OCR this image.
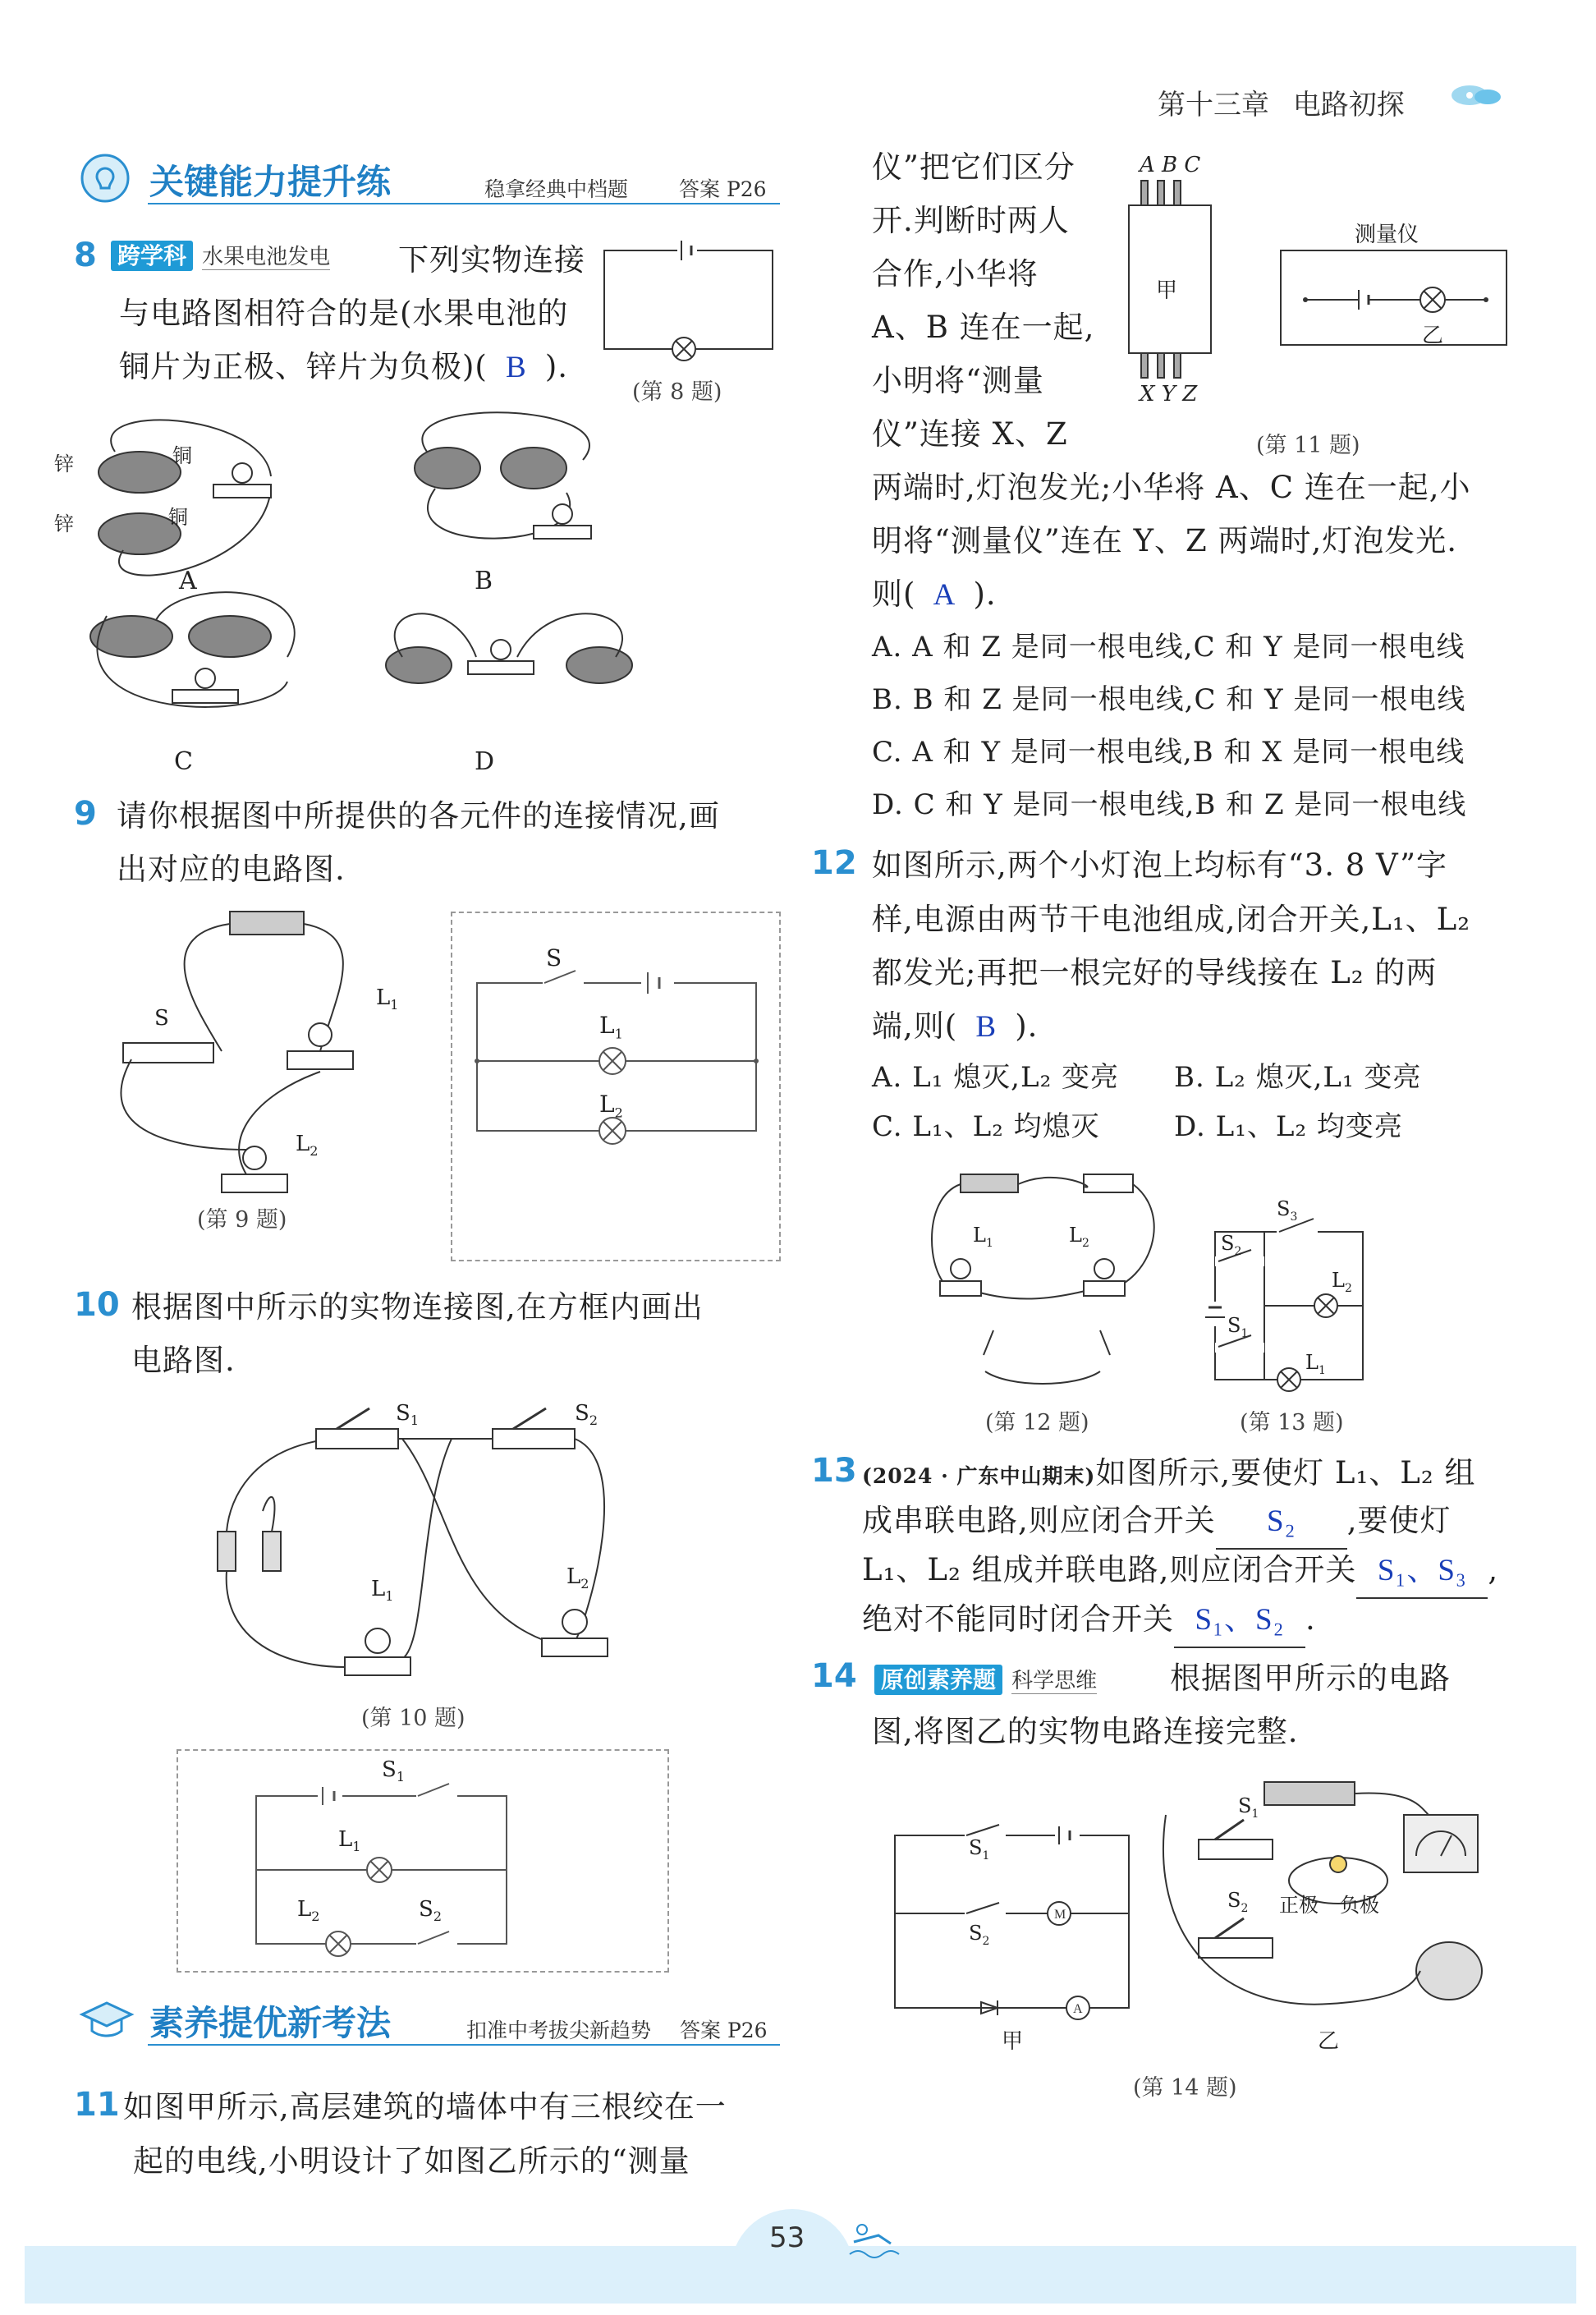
第十三章 电路初探
关键能力提升练	稳拿经典中档题 答案 P26
8 跨学科 水果电池发电 下列实物连接
与电路图相符合的是(水果电池的
铜片为正极、锌片为负极)( B ).
(第 8 题)
锌	铜
锌	铜
A	B
C	D
9 请你根据图中所提供的各元件的连接情况,画
出对应的电路图.
S
$L_1$
$L_2$
(第 9 题)
S
$L_1$
$L_2$
10 根据图中所示的实物连接图,在方框内画出
电路图.
$S_1$	$S_2$
$L_1$
$L_2$
(第 10 题)
$S_1$
$L_1$
$L_2$	$S_2$
素养提优新考法	扣准中考拔尖新趋势 答案 P26
11 如图甲所示,高层建筑的墙体中有三根绞在一
起的电线,小明设计了如图乙所示的“测量
仪”把它们区分
开.判断时两人
合作,小华将
A、B 连在一起,
小明将“测量
仪”连接 X、Z
A B C
甲
X Y Z
测量仪
乙
(第 11 题)
两端时,灯泡发光;小华将 A、C 连在一起,小
明将“测量仪”连在 Y、Z 两端时,灯泡发光.
则( A ).
A. A 和 Z 是同一根电线,C 和 Y 是同一根电线
B. B 和 Z 是同一根电线,C 和 Y 是同一根电线
C. A 和 Y 是同一根电线,B 和 X 是同一根电线
D. C 和 Y 是同一根电线,B 和 Z 是同一根电线
12 如图所示,两个小灯泡上均标有“3. 8 V”字
样,电源由两节干电池组成,闭合开关,L₁、L₂
都发光;再把一根完好的导线接在 L₂ 的两
端,则( B ).
A. L₁ 熄灭,L₂ 变亮 B. L₂ 熄灭,L₁ 变亮
C. L₁、L₂ 均熄灭	D. L₁、L₂ 均变亮
$L_1$	$L_2$
(第 12 题)
$S_3$
$S_2$
$S_1$
$L_2$
$L_1$
(第 13 题)
13 (2024 · 广东中山期末)如图所示,要使灯 L₁、L₂ 组
成串联电路,则应闭合开关 S₂ ,要使灯
L₁、L₂ 组成并联电路,则应闭合开关 S₁、S₃ ,
绝对不能同时闭合开关 S₁、S₂ .
14 原创素养题 科学思维 根据图甲所示的电路
图,将图乙的实物电路连接完整.
M
A
$S_1$
$S_2$
甲
$S_1$
$S_2$ 正极 负极
乙
(第 14 题)
53
